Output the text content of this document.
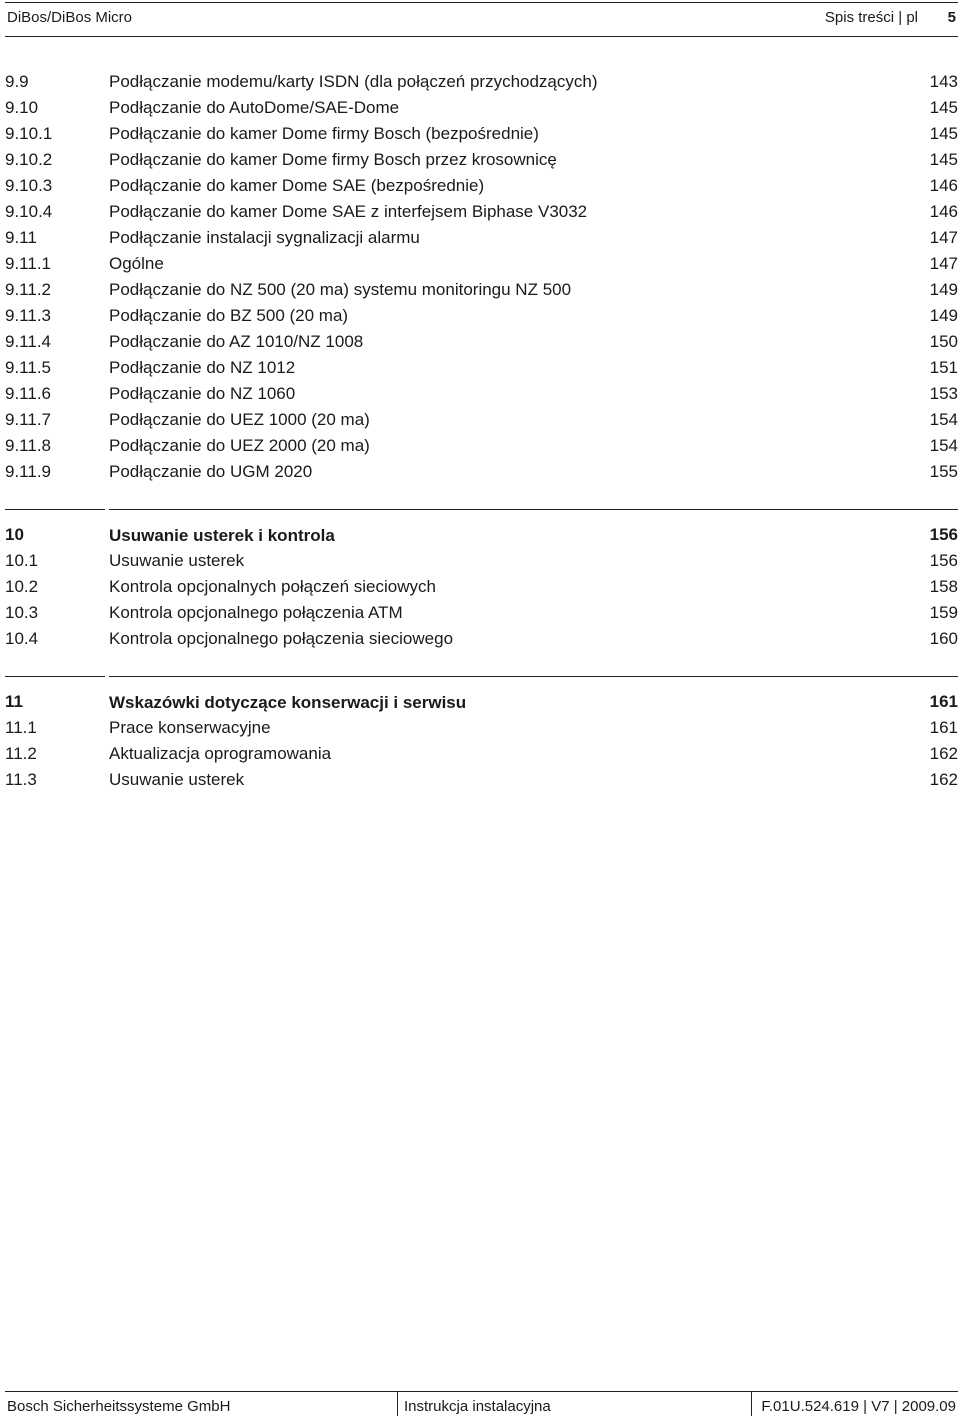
DiBos/DiBos Micro	Spis treści | pl 5
9.9	Podłączanie modemu/karty ISDN (dla połączeń przychodzących)	143
9.10	Podłączanie do AutoDome/SAE-Dome	145
9.10.1	Podłączanie do kamer Dome firmy Bosch (bezpośrednie)	145
9.10.2	Podłączanie do kamer Dome firmy Bosch przez krosownicę	145
9.10.3	Podłączanie do kamer Dome SAE (bezpośrednie)	146
9.10.4	Podłączanie do kamer Dome SAE z interfejsem Biphase V3032	146
9.11	Podłączanie instalacji sygnalizacji alarmu	147
9.11.1	Ogólne	147
9.11.2	Podłączanie do NZ 500 (20 ma) systemu monitoringu NZ 500	149
9.11.3	Podłączanie do BZ 500 (20 ma)	149
9.11.4	Podłączanie do AZ 1010/NZ 1008	150
9.11.5	Podłączanie do NZ 1012	151
9.11.6	Podłączanie do NZ 1060	153
9.11.7	Podłączanie do UEZ 1000 (20 ma)	154
9.11.8	Podłączanie do UEZ 2000 (20 ma)	154
9.11.9	Podłączanie do UGM 2020	155
10	Usuwanie usterek i kontrola	156
10.1	Usuwanie usterek	156
10.2	Kontrola opcjonalnych połączeń sieciowych	158
10.3	Kontrola opcjonalnego połączenia ATM	159
10.4	Kontrola opcjonalnego połączenia sieciowego	160
11	Wskazówki dotyczące konserwacji i serwisu	161
11.1	Prace konserwacyjne	161
11.2	Aktualizacja oprogramowania	162
11.3	Usuwanie usterek	162
Bosch Sicherheitssysteme GmbH	Instrukcja instalacyjna	F.01U.524.619 | V7 | 2009.09
